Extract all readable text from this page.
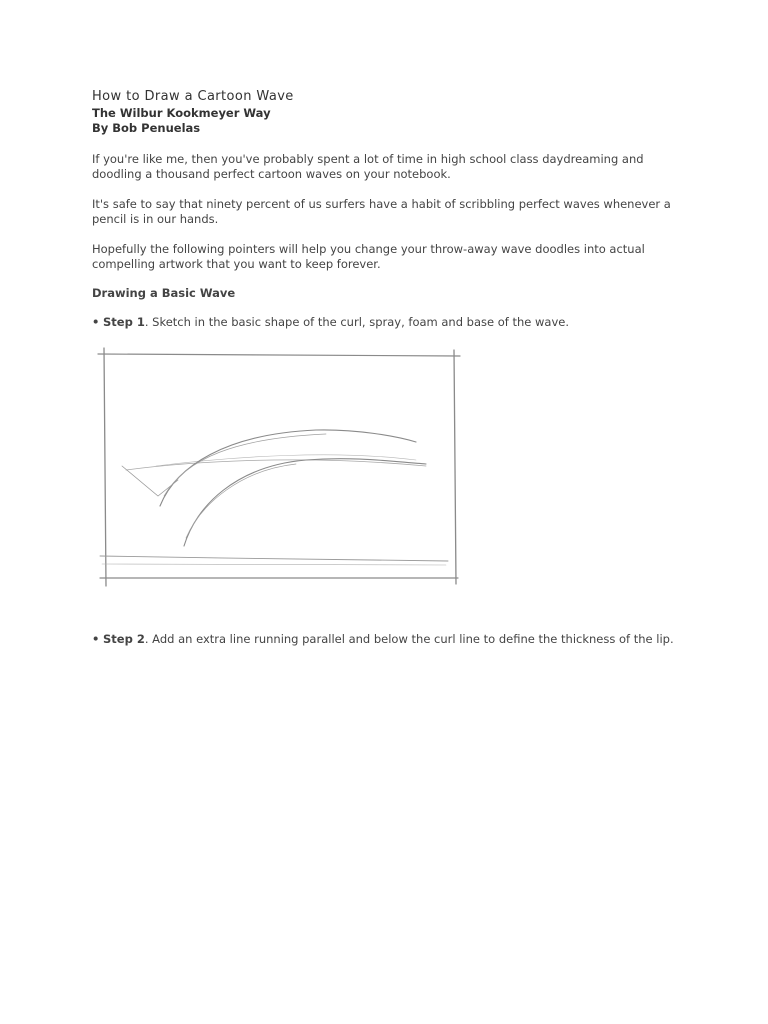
How to Draw a Cartoon Wave
The Wilbur Kookmeyer Way
By Bob Penuelas

If you're like me, then you've probably spent a lot of time in high school class daydreaming and doodling a thousand perfect cartoon waves on your notebook.

It's safe to say that ninety percent of us surfers have a habit of scribbling perfect waves whenever a pencil is in our hands.

Hopefully the following pointers will help you change your throw-away wave doodles into actual compelling artwork that you want to keep forever.

Drawing a Basic Wave

• Step 1. Sketch in the basic shape of the curl, spray, foam and base of the wave.

• Step 2. Add an extra line running parallel and below the curl line to define the thickness of the lip.
